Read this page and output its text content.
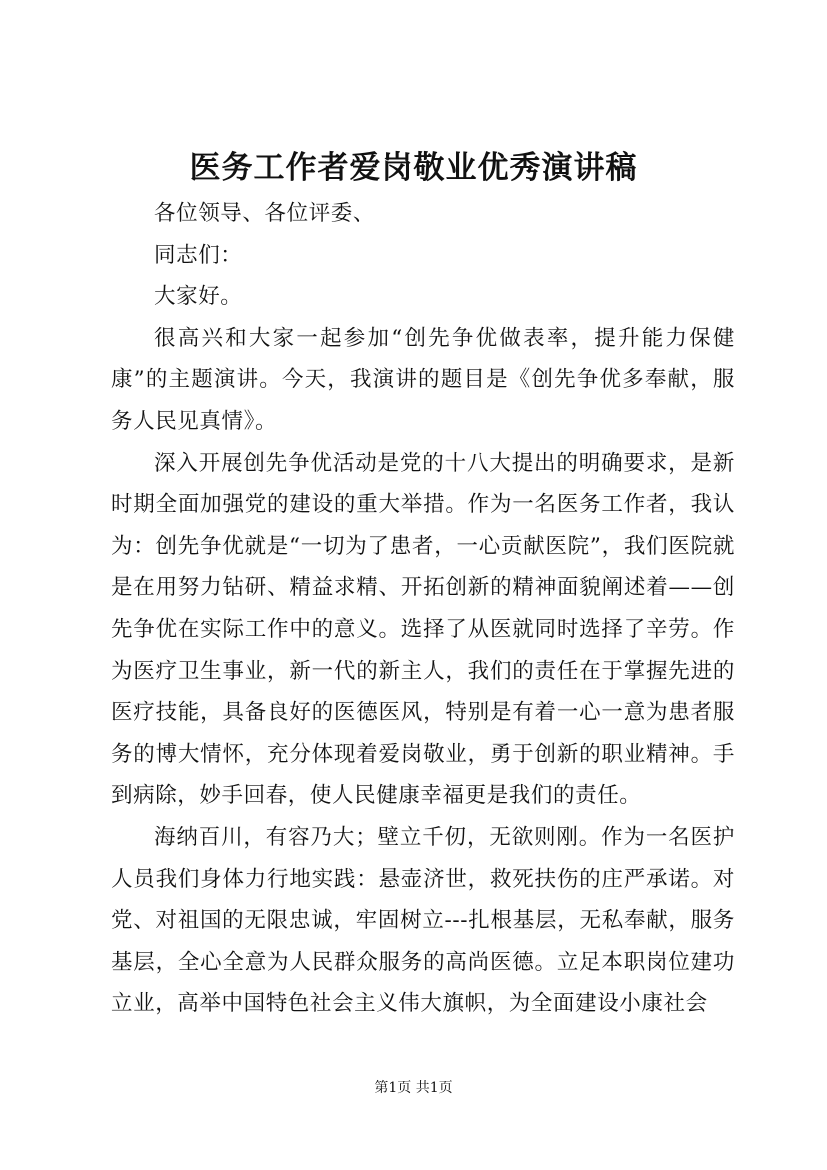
医务工作者爱岗敬业优秀演讲稿

各位领导、各位评委、

同志们：

大家好。

很高兴和大家一起参加“创先争优做表率，提升能力保健康”的主题演讲。今天，我演讲的题目是《创先争优多奉献，服务人民见真情》。

深入开展创先争优活动是党的十八大提出的明确要求，是新时期全面加强党的建设的重大举措。作为一名医务工作者，我认为：创先争优就是“一切为了患者，一心贡献医院”，我们医院就是在用努力钻研、精益求精、开拓创新的精神面貌阐述着——创先争优在实际工作中的意义。选择了从医就同时选择了辛劳。作为医疗卫生事业，新一代的新主人，我们的责任在于掌握先进的医疗技能，具备良好的医德医风，特别是有着一心一意为患者服务的博大情怀，充分体现着爱岗敬业，勇于创新的职业精神。手到病除，妙手回春，使人民健康幸福更是我们的责任。

海纳百川，有容乃大；壁立千仞，无欲则刚。作为一名医护人员我们身体力行地实践：悬壶济世，救死扶伤的庄严承诺。对党、对祖国的无限忠诚，牢固树立---扎根基层，无私奉献，服务基层，全心全意为人民群众服务的高尚医德。立足本职岗位建功立业，高举中国特色社会主义伟大旗帜，为全面建设小康社会

第1页 共1页
